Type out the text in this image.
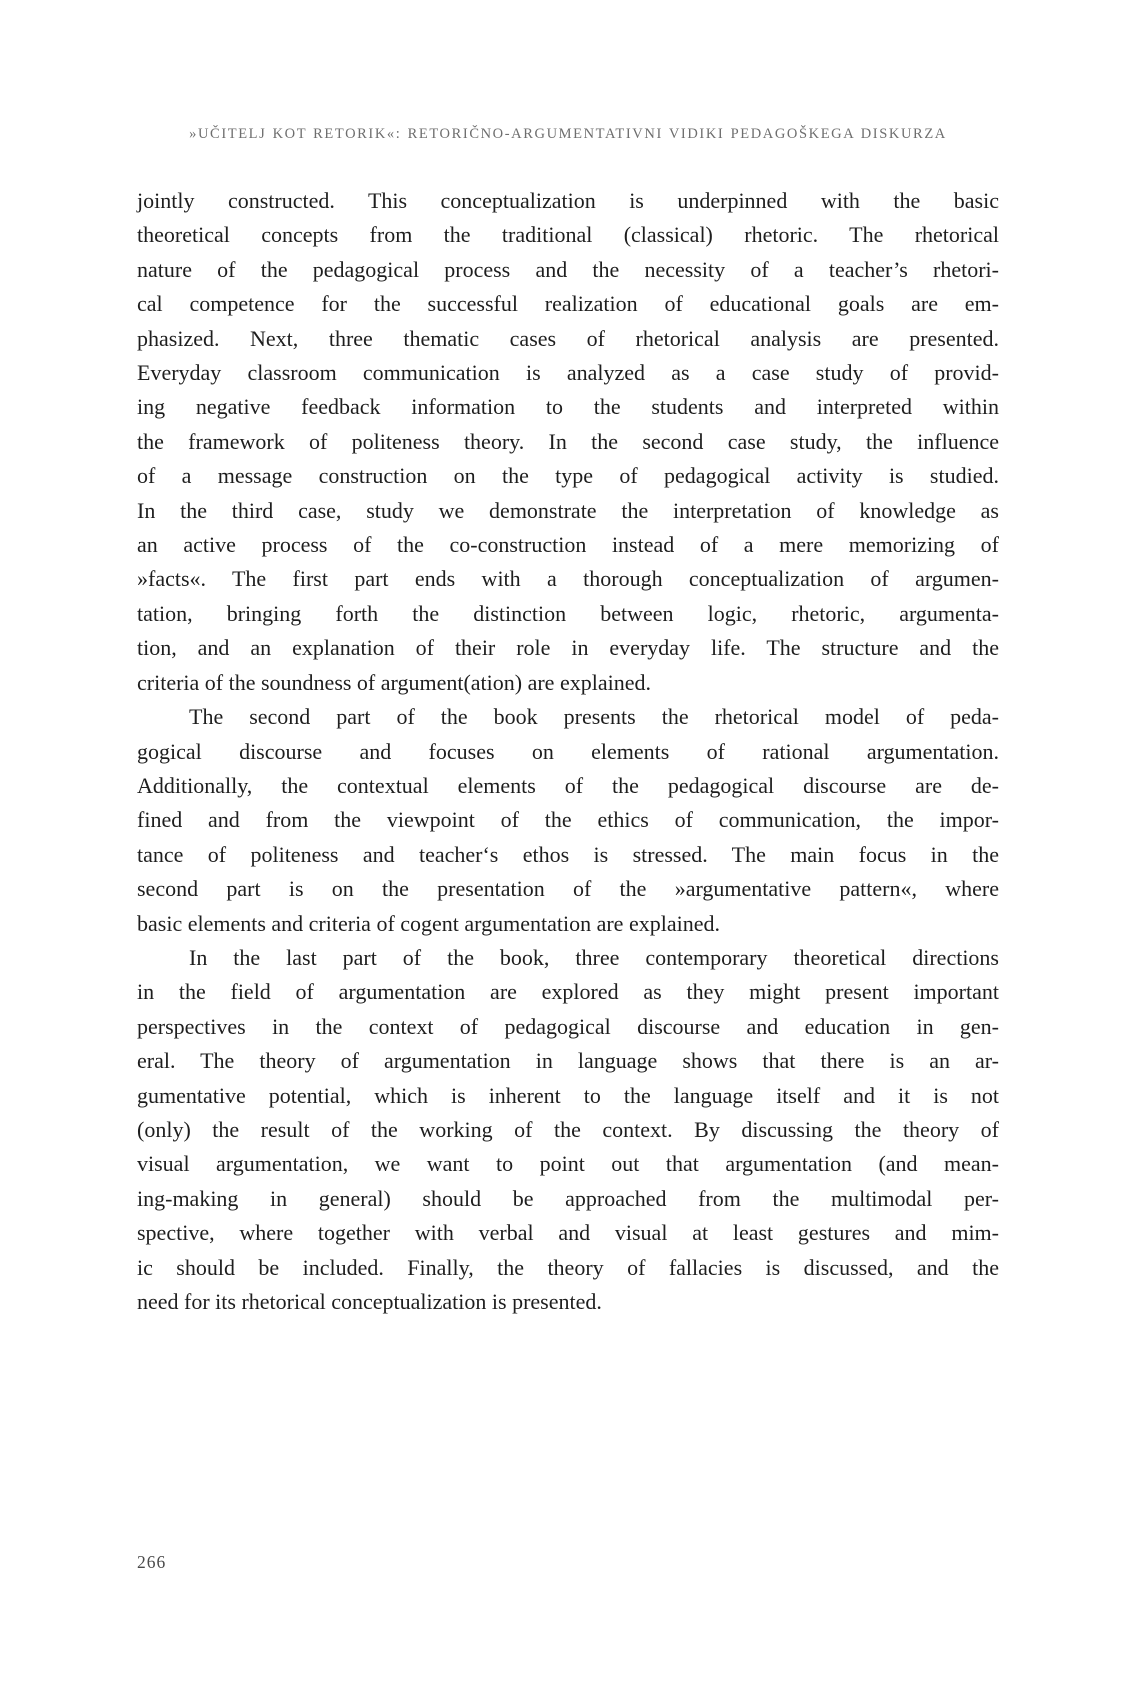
»UČITELJ KOT RETORIK«: RETORIČNO-ARGUMENTATIVNI VIDIKI PEDAGOŠKEGA DISKURZA

jointly constructed. This conceptualization is underpinned with the basic
theoretical concepts from the traditional (classical) rhetoric. The rhetorical
nature of the pedagogical process and the necessity of a teacher’s rhetori-
cal competence for the successful realization of educational goals are em-
phasized. Next, three thematic cases of rhetorical analysis are presented.
Everyday classroom communication is analyzed as a case study of provid-
ing negative feedback information to the students and interpreted within
the framework of politeness theory. In the second case study, the influence
of a message construction on the type of pedagogical activity is studied.
In the third case, study we demonstrate the interpretation of knowledge as
an active process of the co-construction instead of a mere memorizing of
»facts«. The first part ends with a thorough conceptualization of argumen-
tation, bringing forth the distinction between logic, rhetoric, argumenta-
tion, and an explanation of their role in everyday life. The structure and the
criteria of the soundness of argument(ation) are explained.

The second part of the book presents the rhetorical model of peda-
gogical discourse and focuses on elements of rational argumentation.
Additionally, the contextual elements of the pedagogical discourse are de-
fined and from the viewpoint of the ethics of communication, the impor-
tance of politeness and teacher‘s ethos is stressed. The main focus in the
second part is on the presentation of the »argumentative pattern«, where
basic elements and criteria of cogent argumentation are explained.

In the last part of the book, three contemporary theoretical directions
in the field of argumentation are explored as they might present important
perspectives in the context of pedagogical discourse and education in gen-
eral. The theory of argumentation in language shows that there is an ar-
gumentative potential, which is inherent to the language itself and it is not
(only) the result of the working of the context. By discussing the theory of
visual argumentation, we want to point out that argumentation (and mean-
ing-making in general) should be approached from the multimodal per-
spective, where together with verbal and visual at least gestures and mim-
ic should be included. Finally, the theory of fallacies is discussed, and the
need for its rhetorical conceptualization is presented.

266
